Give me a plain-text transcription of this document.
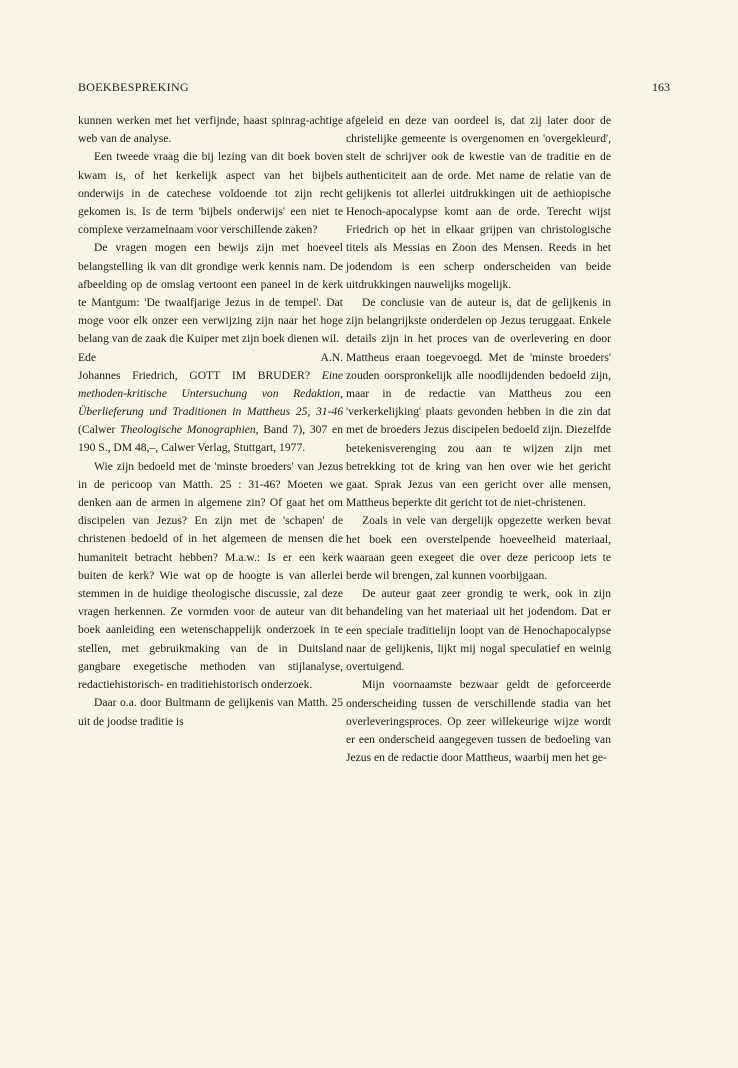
BOEKBESPREKING	163

kunnen werken met het verfijnde, haast spinrag-achtige web van de analyse.

Een tweede vraag die bij lezing van dit boek boven kwam is, of het kerkelijk aspect van het bijbels onderwijs in de catechese voldoende tot zijn recht gekomen is. Is de term 'bijbels onderwijs' een niet te complexe verzamelnaam voor verschillende zaken?

De vragen mogen een bewijs zijn met hoeveel belangstelling ik van dit grondige werk kennis nam. De afbeelding op de omslag vertoont een paneel in de kerk te Mantgum: 'De twaalfjarige Jezus in de tempel'. Dat moge voor elk onzer een verwijzing zijn naar het hoge belang van de zaak die Kuiper met zijn boek dienen wil.

Ede	A.N.

Johannes Friedrich, GOTT IM BRUDER? Eine methoden-kritische Untersuchung von Redaktion, Überlieferung und Traditionen in Mattheus 25, 31-46 (Calwer Theologische Monographien, Band 7), 307 en 190 S., DM 48,–, Calwer Verlag, Stuttgart, 1977.

Wie zijn bedoeld met de 'minste broeders' van Jezus in de pericoop van Matth. 25 : 31-46? Moeten we denken aan de armen in algemene zin? Of gaat het om discipelen van Jezus? En zijn met de 'schapen' de christenen bedoeld of in het algemeen de mensen die humaniteit betracht hebben? M.a.w.: Is er een kerk buiten de kerk? Wie wat op de hoogte is van allerlei stemmen in de huidige theologische discussie, zal deze vragen herkennen. Ze vormden voor de auteur van dit boek aanleiding een wetenschappelijk onderzoek in te stellen, met gebruikmaking van de in Duitsland gangbare exegetische methoden van stijlanalyse, redactiehistorisch- en traditiehistorisch onderzoek.

Daar o.a. door Bultmann de gelijkenis van Matth. 25 uit de joodse traditie is

afgeleid en deze van oordeel is, dat zij later door de christelijke gemeente is overgenomen en 'overgekleurd', stelt de schrijver ook de kwestie van de traditie en de authenticiteit aan de orde. Met name de relatie van de gelijkenis tot allerlei uitdrukkingen uit de aethiopische Henoch-apocalypse komt aan de orde. Terecht wijst Friedrich op het in elkaar grijpen van christologische titels als Messias en Zoon des Mensen. Reeds in het jodendom is een scherp onderscheiden van beide uitdrukkingen nauwelijks mogelijk.

De conclusie van de auteur is, dat de gelijkenis in zijn belangrijkste onderdelen op Jezus teruggaat. Enkele details zijn in het proces van de overlevering en door Mattheus eraan toegevoegd. Met de 'minste broeders' zouden oorspronkelijk alle noodlijdenden bedoeld zijn, maar in de redactie van Mattheus zou een 'verkerkelijking' plaats gevonden hebben in die zin dat met de broeders Jezus discipelen bedoeld zijn. Diezelfde betekenisverenging zou aan te wijzen zijn met betrekking tot de kring van hen over wie het gericht gaat. Sprak Jezus van een gericht over alle mensen, Mattheus beperkte dit gericht tot de niet-christenen.

Zoals in vele van dergelijk opgezette werken bevat het boek een overstelpende hoeveelheid materiaal, waaraan geen exegeet die over deze pericoop iets te berde wil brengen, zal kunnen voorbijgaan.

De auteur gaat zeer grondig te werk, ook in zijn behandeling van het materiaal uit het jodendom. Dat er een speciale traditielijn loopt van de Henochapocalypse naar de gelijkenis, lijkt mij nogal speculatief en weinig overtuigend.

Mijn voornaamste bezwaar geldt de geforceerde onderscheiding tussen de verschillende stadia van het overleveringsproces. Op zeer willekeurige wijze wordt er een onderscheid aangegeven tussen de bedoeling van Jezus en de redactie door Mattheus, waarbij men het ge-
